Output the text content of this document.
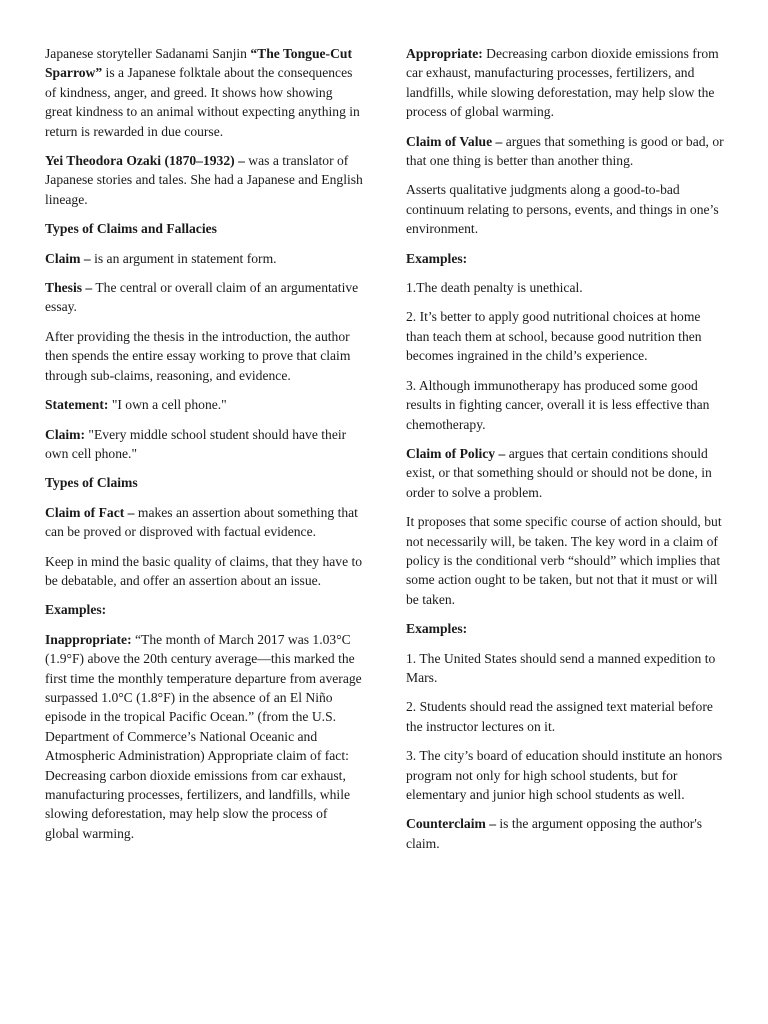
Japanese storyteller Sadanami Sanjin “The Tongue-Cut Sparrow” is a Japanese folktale about the consequences of kindness, anger, and greed. It shows how showing great kindness to an animal without expecting anything in return is rewarded in due course.

Yei Theodora Ozaki (1870–1932) – was a translator of Japanese stories and tales. She had a Japanese and English lineage.

Types of Claims and Fallacies

Claim – is an argument in statement form.

Thesis – The central or overall claim of an argumentative essay.

After providing the thesis in the introduction, the author then spends the entire essay working to prove that claim through sub-claims, reasoning, and evidence.

Statement: "I own a cell phone."

Claim: "Every middle school student should have their own cell phone."

Types of Claims

Claim of Fact – makes an assertion about something that can be proved or disproved with factual evidence.

Keep in mind the basic quality of claims, that they have to be debatable, and offer an assertion about an issue.

Examples:

Inappropriate: “The month of March 2017 was 1.03°C (1.9°F) above the 20th century average—this marked the first time the monthly temperature departure from average surpassed 1.0°C (1.8°F) in the absence of an El Niño episode in the tropical Pacific Ocean.” (from the U.S. Department of Commerce’s National Oceanic and Atmospheric Administration) Appropriate claim of fact: Decreasing carbon dioxide emissions from car exhaust, manufacturing processes, fertilizers, and landfills, while slowing deforestation, may help slow the process of global warming.

Appropriate: Decreasing carbon dioxide emissions from car exhaust, manufacturing processes, fertilizers, and landfills, while slowing deforestation, may help slow the process of global warming.

Claim of Value – argues that something is good or bad, or that one thing is better than another thing.

Asserts qualitative judgments along a good-to-bad continuum relating to persons, events, and things in one’s environment.

Examples:

1.The death penalty is unethical.

2. It’s better to apply good nutritional choices at home than teach them at school, because good nutrition then becomes ingrained in the child’s experience.

3. Although immunotherapy has produced some good results in fighting cancer, overall it is less effective than chemotherapy.

Claim of Policy – argues that certain conditions should exist, or that something should or should not be done, in order to solve a problem.

It proposes that some specific course of action should, but not necessarily will, be taken. The key word in a claim of policy is the conditional verb “should” which implies that some action ought to be taken, but not that it must or will be taken.

Examples:

1. The United States should send a manned expedition to Mars.

2. Students should read the assigned text material before the instructor lectures on it.

3. The city’s board of education should institute an honors program not only for high school students, but for elementary and junior high school students as well.

Counterclaim – is the argument opposing the author's claim.
